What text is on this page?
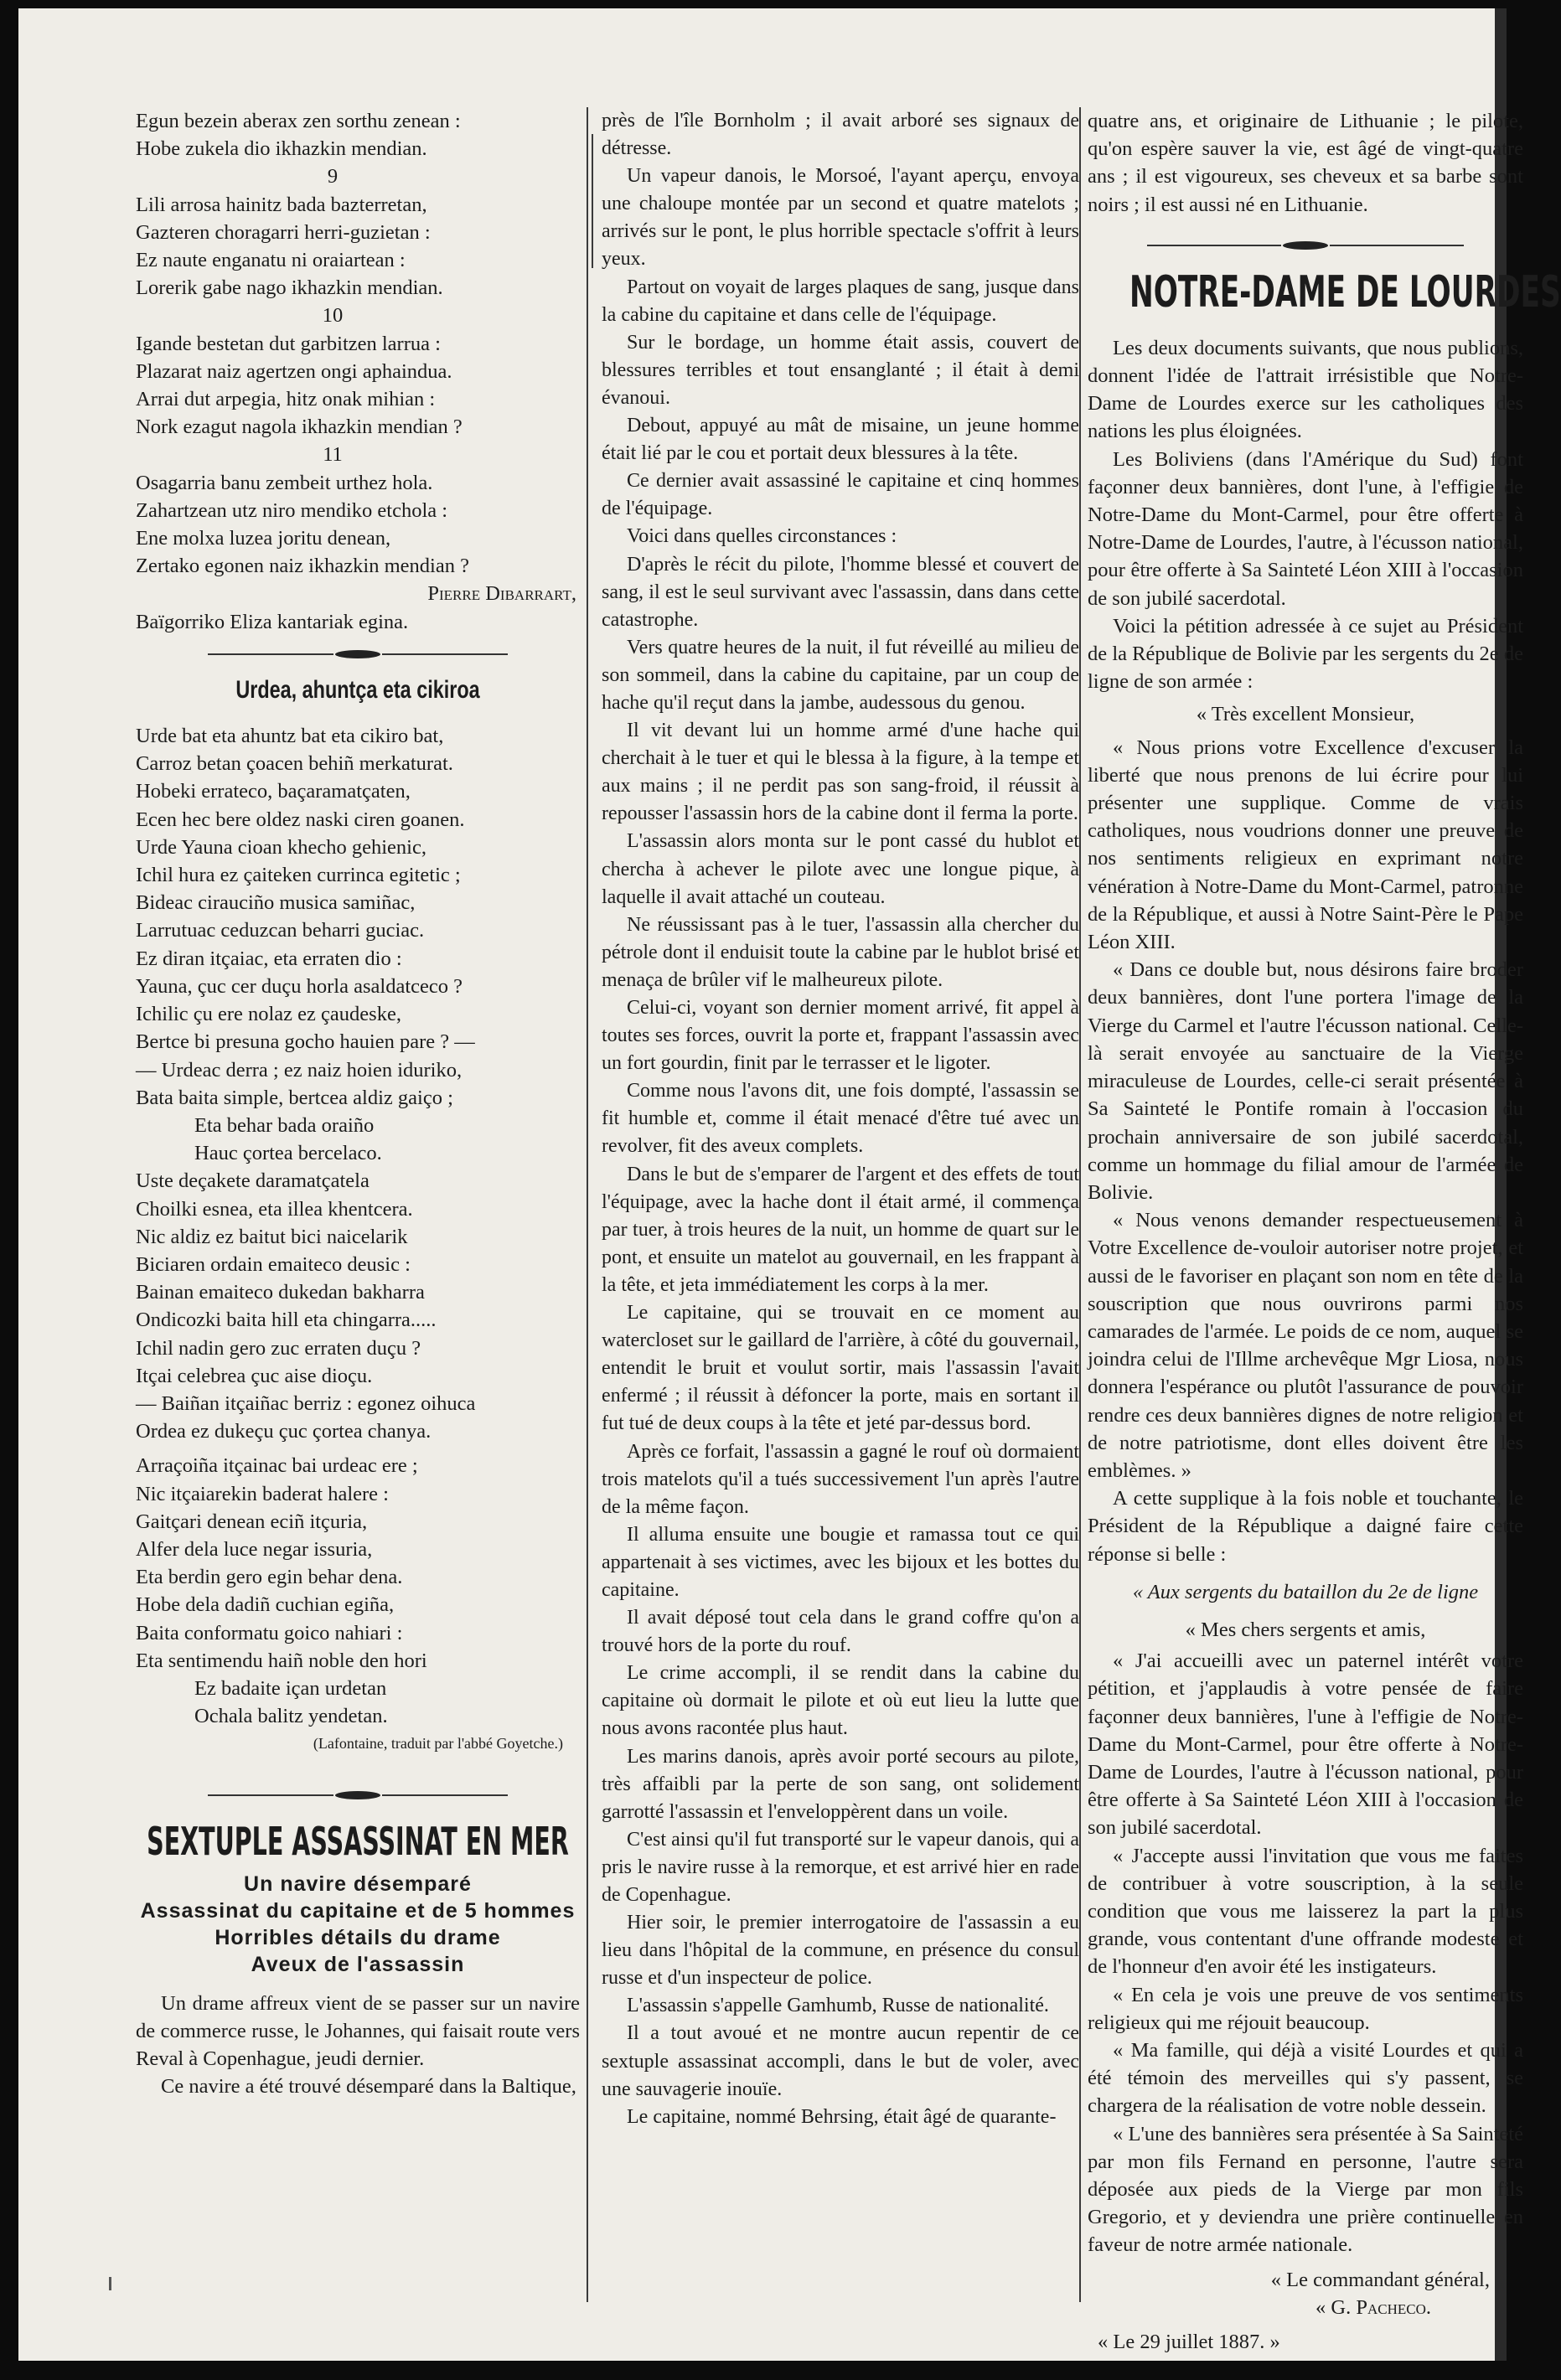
Egun bezein aberax zen sorthu zenean :
Hobe zukela dio ikhazkin mendian.
9
Lili arrosa hainitz bada bazterretan,
Gazteren choragarri herri-guzietan :
Ez naute enganatu ni oraiartean :
Lorerik gabe nago ikhazkin mendian.
10
Igande bestetan dut garbitzen larrua :
Plazarat naiz agertzen ongi aphaindua.
Arrai dut arpegia, hitz onak mihian :
Nork ezagut nagola ikhazkin mendian ?
11
Osagarria banu zembeit urthez hola.
Zahartzean utz niro mendiko etchola :
Ene molxa luzea joritu denean,
Zertako egonen naiz ikhazkin mendian ?
Pierre Dibarrart,
Baïgorriko Eliza kantariak egina.
Urdea, ahuntça eta cikiroa
Urde bat eta ahuntz bat eta cikiro bat,
Carroz betan çoacen behiñ merkaturat.
Hobeki errateco, baçaramatçaten,
Ecen hec bere oldez naski ciren goanen.
Urde Yauna cioan khecho gehienic,
Ichil hura ez çaiteken currinca egitetic ;
Bideac cirauciño musica samiñac,
Larrutuac ceduzcan beharri guciac.
Ez diran itçaiac, eta erraten dio :
Yauna, çuc cer duçu horla asaldatceco ?
Ichilic çu ere nolaz ez çaudeske,
Bertce bi presuna gocho hauien pare ? —
— Urdeac derra ; ez naiz hoien iduriko,
Bata baita simple, bertcea aldiz gaiço ;
Eta behar bada oraiño
Hauc çortea bercelaco.
Uste deçakete daramatçatela
Choilki esnea, eta illea khentcera.
Nic aldiz ez baitut bici naicelarik
Biciaren ordain emaiteco deusic :
Bainan emaiteco dukedan bakharra
Ondicozki baita hill eta chingarra.....
Ichil nadin gero zuc erraten duçu ?
Itçai celebrea çuc aise dioçu.
— Baiñan itçaiñac berriz : egonez oihuca
Ordea ez dukeçu çuc çortea chanya.
Arraçoiña itçainac bai urdeac ere ;
Nic itçaiarekin baderat halere :
Gaitçari denean eciñ itçuria,
Alfer dela luce negar issuria,
Eta berdin gero egin behar dena.
Hobe dela dadiñ cuchian egiña,
Baita conformatu goico nahiari :
Eta sentimendu haiñ noble den hori
Ez badaite içan urdetan
Ochala balitz yendetan.
(Lafontaine, traduit par l'abbé Goyetche.)
SEXTUPLE ASSASSINAT EN MER
Un navire désemparé
Assassinat du capitaine et de 5 hommes
Horribles détails du drame
Aveux de l'assassin

Un drame affreux vient de se passer sur un navire de commerce russe, le Johannes, qui faisait route vers Reval à Copenhague, jeudi dernier.

Ce navire a été trouvé désemparé dans la Baltique,

près de l'île Bornholm ; il avait arboré ses signaux de détresse.

Un vapeur danois, le Morsoé, l'ayant aperçu, envoya une chaloupe montée par un second et quatre matelots ; arrivés sur le pont, le plus horrible spectacle s'offrit à leurs yeux.

Partout on voyait de larges plaques de sang, jusque dans la cabine du capitaine et dans celle de l'équipage.

Sur le bordage, un homme était assis, couvert de blessures terribles et tout ensanglanté ; il était à demi évanoui.

Debout, appuyé au mât de misaine, un jeune homme était lié par le cou et portait deux blessures à la tête.

Ce dernier avait assassiné le capitaine et cinq hommes de l'équipage.

Voici dans quelles circonstances :

D'après le récit du pilote, l'homme blessé et couvert de sang, il est le seul survivant avec l'assassin, dans dans cette catastrophe.

Vers quatre heures de la nuit, il fut réveillé au milieu de son sommeil, dans la cabine du capitaine, par un coup de hache qu'il reçut dans la jambe, audessous du genou.

Il vit devant lui un homme armé d'une hache qui cherchait à le tuer et qui le blessa à la figure, à la tempe et aux mains ; il ne perdit pas son sang-froid, il réussit à repousser l'assassin hors de la cabine dont il ferma la porte.

L'assassin alors monta sur le pont cassé du hublot et chercha à achever le pilote avec une longue pique, à laquelle il avait attaché un couteau.

Ne réussissant pas à le tuer, l'assassin alla chercher du pétrole dont il enduisit toute la cabine par le hublot brisé et menaça de brûler vif le malheureux pilote.

Celui-ci, voyant son dernier moment arrivé, fit appel à toutes ses forces, ouvrit la porte et, frappant l'assassin avec un fort gourdin, finit par le terrasser et le ligoter.

Comme nous l'avons dit, une fois dompté, l'assassin se fit humble et, comme il était menacé d'être tué avec un revolver, fit des aveux complets.

Dans le but de s'emparer de l'argent et des effets de tout l'équipage, avec la hache dont il était armé, il commença par tuer, à trois heures de la nuit, un homme de quart sur le pont, et ensuite un matelot au gouvernail, en les frappant à la tête, et jeta immédiatement les corps à la mer.

Le capitaine, qui se trouvait en ce moment au watercloset sur le gaillard de l'arrière, à côté du gouvernail, entendit le bruit et voulut sortir, mais l'assassin l'avait enfermé ; il réussit à défoncer la porte, mais en sortant il fut tué de deux coups à la tête et jeté par-dessus bord.

Après ce forfait, l'assassin a gagné le rouf où dormaient trois matelots qu'il a tués successivement l'un après l'autre de la même façon.

Il alluma ensuite une bougie et ramassa tout ce qui appartenait à ses victimes, avec les bijoux et les bottes du capitaine.

Il avait déposé tout cela dans le grand coffre qu'on a trouvé hors de la porte du rouf.

Le crime accompli, il se rendit dans la cabine du capitaine où dormait le pilote et où eut lieu la lutte que nous avons racontée plus haut.

Les marins danois, après avoir porté secours au pilote, très affaibli par la perte de son sang, ont solidement garrotté l'assassin et l'enveloppèrent dans un voile.

C'est ainsi qu'il fut transporté sur le vapeur danois, qui a pris le navire russe à la remorque, et est arrivé hier en rade de Copenhague.

Hier soir, le premier interrogatoire de l'assassin a eu lieu dans l'hôpital de la commune, en présence du consul russe et d'un inspecteur de police.

L'assassin s'appelle Gamhumb, Russe de nationalité.

Il a tout avoué et ne montre aucun repentir de ce sextuple assassinat accompli, dans le but de voler, avec une sauvagerie inouïe.

Le capitaine, nommé Behrsing, était âgé de quarante-

quatre ans, et originaire de Lithuanie ; le pilote, qu'on espère sauver la vie, est âgé de vingt-quatre ans ; il est vigoureux, ses cheveux et sa barbe sont noirs ; il est aussi né en Lithuanie.

NOTRE-DAME DE LOURDES

Les deux documents suivants, que nous publions, donnent l'idée de l'attrait irrésistible que Notre-Dame de Lourdes exerce sur les catholiques des nations les plus éloignées.

Les Boliviens (dans l'Amérique du Sud) font façonner deux bannières, dont l'une, à l'effigie de Notre-Dame du Mont-Carmel, pour être offerte à Notre-Dame de Lourdes, l'autre, à l'écusson national, pour être offerte à Sa Sainteté Léon XIII à l'occasion de son jubilé sacerdotal.

Voici la pétition adressée à ce sujet au Président de la République de Bolivie par les sergents du 2e de ligne de son armée :

« Très excellent Monsieur,

« Nous prions votre Excellence d'excuser la liberté que nous prenons de lui écrire pour lui présenter une supplique. Comme de vrais catholiques, nous voudrions donner une preuve de nos sentiments religieux en exprimant notre vénération à Notre-Dame du Mont-Carmel, patronne de la République, et aussi à Notre Saint-Père le Pape Léon XIII.

« Dans ce double but, nous désirons faire broder deux bannières, dont l'une portera l'image de la Vierge du Carmel et l'autre l'écusson national. Celle-là serait envoyée au sanctuaire de la Vierge miraculeuse de Lourdes, celle-ci serait présentée à Sa Sainteté le Pontife romain à l'occasion du prochain anniversaire de son jubilé sacerdotal, comme un hommage du filial amour de l'armée de Bolivie.

« Nous venons demander respectueusement à Votre Excellence de-vouloir autoriser notre projet, et aussi de le favoriser en plaçant son nom en tête de la souscription que nous ouvrirons parmi nos camarades de l'armée. Le poids de ce nom, auquel se joindra celui de l'Illme archevêque Mgr Liosa, nous donnera l'espérance ou plutôt l'assurance de pouvoir rendre ces deux bannières dignes de notre religion et de notre patriotisme, dont elles doivent être les emblèmes. »

A cette supplique à la fois noble et touchante, le Président de la République a daigné faire cette réponse si belle :

« Aux sergents du bataillon du 2e de ligne

« Mes chers sergents et amis,

« J'ai accueilli avec un paternel intérêt votre pétition, et j'applaudis à votre pensée de faire façonner deux bannières, l'une à l'effigie de Notre-Dame du Mont-Carmel, pour être offerte à Notre-Dame de Lourdes, l'autre à l'écusson national, pour être offerte à Sa Sainteté Léon XIII à l'occasion de son jubilé sacerdotal.

« J'accepte aussi l'invitation que vous me faites de contribuer à votre souscription, à la seule condition que vous me laisserez la part la plus grande, vous contentant d'une offrande modeste et de l'honneur d'en avoir été les instigateurs.

« En cela je vois une preuve de vos sentiments religieux qui me réjouit beaucoup.

« Ma famille, qui déjà a visité Lourdes et qui a été témoin des merveilles qui s'y passent, se chargera de la réalisation de votre noble dessein.

« L'une des bannières sera présentée à Sa Sainteté par mon fils Fernand en personne, l'autre sera déposée aux pieds de la Vierge par mon fils Gregorio, et y deviendra une prière continuelle en faveur de notre armée nationale.

« Le commandant général,

« G. Pacheco.

« Le 29 juillet 1887. »
